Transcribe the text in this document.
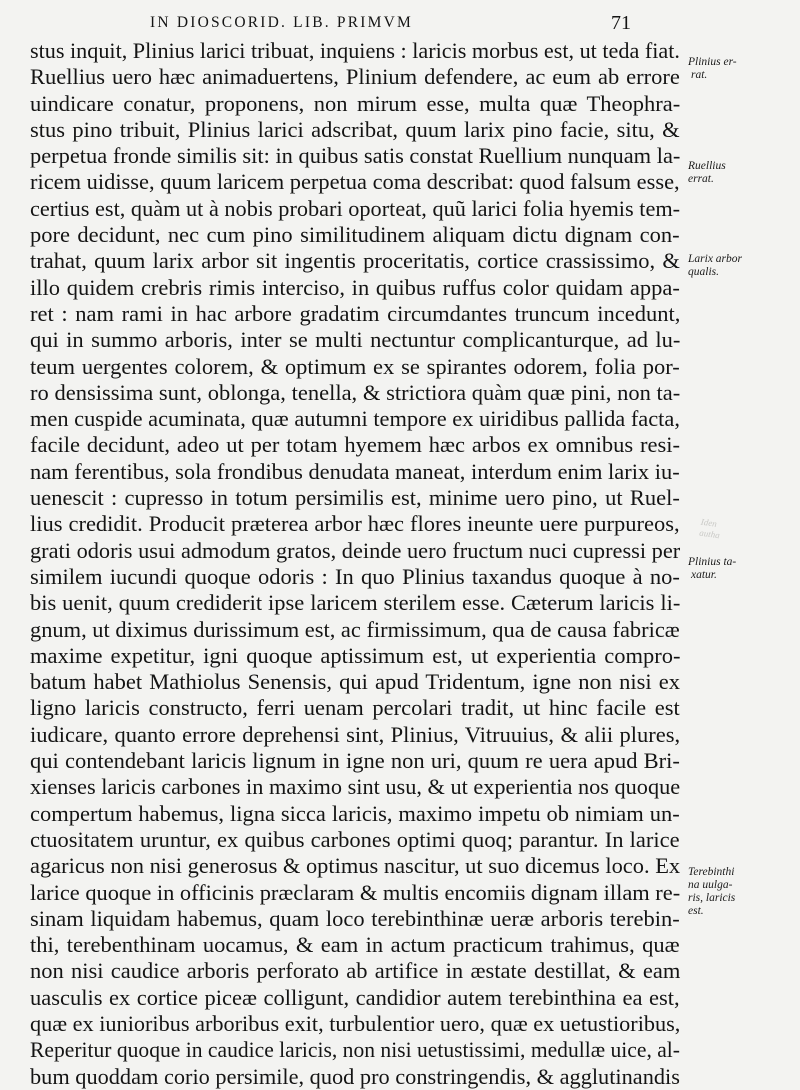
IN DIOSCORID. LIB. PRIMVM	71
stus inquit, Plinius larici tribuat, inquiens : laricis morbus est, ut teda fiat.
Ruellius uero hæc animaduertens, Plinium defendere, ac eum ab errore
uindicare conatur, proponens, non mirum esse, multa quæ Theophra-
stus pino tribuit, Plinius larici adscribat, quum larix pino facie, situ, &
perpetua fronde similis sit: in quibus satis constat Ruellium nunquam la-
ricem uidisse, quum laricem perpetua coma describat: quod falsum esse,
certius est, quàm ut à nobis probari oporteat, quũ larici folia hyemis tem-
pore decidunt, nec cum pino similitudinem aliquam dictu dignam con-
trahat, quum larix arbor sit ingentis proceritatis, cortice crassissimo, &
illo quidem crebris rimis interciso, in quibus ruffus color quidam appa-
ret : nam rami in hac arbore gradatim circumdantes truncum incedunt,
qui in summo arboris, inter se multi nectuntur complicanturque, ad lu-
teum uergentes colorem, & optimum ex se spirantes odorem, folia por-
ro densissima sunt, oblonga, tenella, & strictiora quàm quæ pini, non ta-
men cuspide acuminata, quæ autumni tempore ex uiridibus pallida facta,
facile decidunt, adeo ut per totam hyemem hæc arbos ex omnibus resi-
nam ferentibus, sola frondibus denudata maneat, interdum enim larix iu-
uenescit : cupresso in totum persimilis est, minime uero pino, ut Ruel-
lius credidit. Producit præterea arbor hæc flores ineunte uere purpureos,
grati odoris usui admodum gratos, deinde uero fructum nuci cupressi per
similem iucundi quoque odoris : In quo Plinius taxandus quoque à no-
bis uenit, quum crediderit ipse laricem sterilem esse. Cæterum laricis li-
gnum, ut diximus durissimum est, ac firmissimum, qua de causa fabricæ
maxime expetitur, igni quoque aptissimum est, ut experientia compro-
batum habet Mathiolus Senensis, qui apud Tridentum, igne non nisi ex
ligno laricis constructo, ferri uenam percolari tradit, ut hinc facile est
iudicare, quanto errore deprehensi sint, Plinius, Vitruuius, & alii plures,
qui contendebant laricis lignum in igne non uri, quum re uera apud Bri-
xienses laricis carbones in maximo sint usu, & ut experientia nos quoque
compertum habemus, ligna sicca laricis, maximo impetu ob nimiam un-
ctuositatem uruntur, ex quibus carbones optimi quoq; parantur. In larice
agaricus non nisi generosus & optimus nascitur, ut suo dicemus loco. Ex
larice quoque in officinis præclaram & multis encomiis dignam illam re-
sinam liquidam habemus, quam loco terebinthinæ ueræ arboris terebin-
thi, terebenthinam uocamus, & eam in actum practicum trahimus, quæ
non nisi caudice arboris perforato ab artifice in æstate destillat, & eam
uasculis ex cortice piceæ colligunt, candidior autem terebinthina ea est,
quæ ex iunioribus arboribus exit, turbulentior uero, quæ ex uetustioribus,
Reperitur quoque in caudice laricis, non nisi uetustissimi, medullæ uice, al-
bum quoddam corio persimile, quod pro constringendis, & agglutinandis
Plinius er-
rat.
Ruellius
errat.
Larix arbor
qualis.
Plinius ta-
xatur.
Terebinthi
na uulga-
ris, laricis
est.
Iden
autha
